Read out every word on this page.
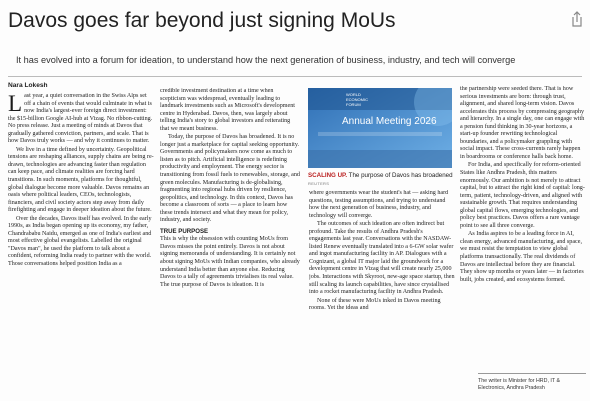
Davos goes far beyond just signing MoUs
It has evolved into a forum for ideation, to understand how the next generation of business, industry, and tech will converge
Nara Lokesh

Last year, a quiet conversation in the Swiss Alps set off a chain of events that would culminate in what is now India's largest-ever foreign direct investment: the $15-billion Google AI-hub at Vizag. No ribbon-cutting. No press release. Just a meeting of minds at Davos that gradually gathered conviction, partners, and scale. That is how Davos truly works — and why it continues to matter.

We live in a time defined by uncertainty. Geopolitical tensions are reshaping alliances, supply chains are being re-drawn, technologies are advancing faster than regulation can keep pace, and climate realities are forcing hard transitions. In such moments, platforms for thoughtful, global dialogue become more valuable. Davos remains an oasis where political leaders, CEOs, technologists, financiers, and civil society actors step away from daily firefighting and engage in deeper ideation about the future.

Over the decades, Davos itself has evolved. In the early 1990s, as India began opening up its economy, my father, Chandrababu Naidu, emerged as one of India's earliest and most effective global evangelists. Labelled the original "Davos man", he used the platform to talk about a confident, reforming India ready to partner with the world. Those conversations helped position India as a

credible investment destination at a time when scepticism was widespread, eventually leading to landmark investments such as Microsoft's development centre in Hyderabad. Davos, then, was largely about telling India's story to global investors and reiterating that we meant business.

Today, the purpose of Davos has broadened. It is no longer just a marketplace for capital seeking opportunity. Governments and policymakers now come as much to listen as to pitch. Artificial intelligence is redefining productivity and employment. The energy sector is transitioning from fossil fuels to renewables, storage, and green molecules. Manufacturing is de-globalising, fragmenting into regional hubs driven by resilience, geopolitics, and technology. In this context, Davos has become a classroom of sorts — a place to learn how these trends intersect and what they mean for policy, industry, and society.

TRUE PURPOSE

This is why the obsession with counting MoUs from Davos misses the point entirely. Davos is not about signing memoranda of understanding. It is certainly not about signing MoUs with Indian companies, who already understand India better than anyone else. Reducing Davos to a tally of agreements trivialises its real value. The true purpose of Davos is ideation. It is

WORLD
ECONOMIC
FORUM
Annual Meeting 2026
SCALING UP. The purpose of Davos has broadened REUTERS

where governments wear the student's hat — asking hard questions, testing assumptions, and trying to understand how the next generation of business, industry, and technology will converge.

The outcomes of such ideation are often indirect but profound. Take the results of Andhra Pradesh's engagements last year. Conversations with the NASDAW-listed Renew eventually translated into a 6-GW solar wafer and ingot manufacturing facility in AP. Dialogues with a Cognizant, a global IT major laid the groundwork for a development centre in Vizag that will create nearly 25,000 jobs. Interactions with Skyroot, new-age space startup, then still scaling its launch capabilities, have since crystallised into a rocket manufacturing facility in Andhra Pradesh.

None of these were MoUs inked in Davos meeting rooms. Yet the ideas and

the partnership were seeded there. That is how serious investments are born: through trust, alignment, and shared long-term vision. Davos accelerates this process by compressing geography and hierarchy. In a single day, one can engage with a pension fund thinking in 30-year horizons, a start-up founder rewriting technological boundaries, and a policymaker grappling with social impact. These cross-currents rarely happen in boardrooms or conference halls back home.

For India, and specifically for reform-oriented States like Andhra Pradesh, this matters enormously. Our ambition is not merely to attract capital, but to attract the right kind of capital: long-term, patient, technology-driven, and aligned with sustainable growth. That requires understanding global capital flows, emerging technologies, and policy best practices. Davos offers a rare vantage point to see all three converge.

As India aspires to be a leading force in AI, clean energy, advanced manufacturing, and space, we must resist the temptation to view global platforms transactionally. The real dividends of Davos are intellectual before they are financial. They show up months or years later — in factories built, jobs created, and ecosystems formed.

The writer is Minister for HRD, IT & Electronics, Andhra Pradesh
